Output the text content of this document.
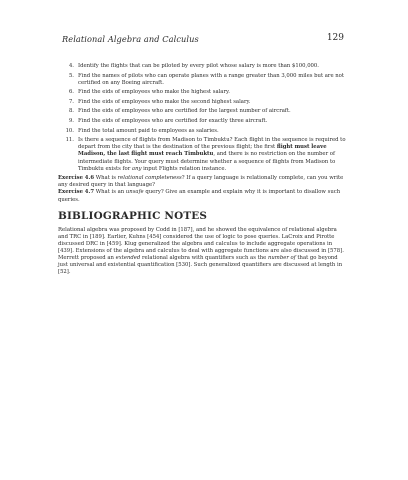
Relational Algebra and Calculus	129
4. Identify the flights that can be piloted by every pilot whose salary is more than $100,000.
5. Find the names of pilots who can operate planes with a range greater than 3,000 miles but are not certified on any Boeing aircraft.
6. Find the eids of employees who make the highest salary.
7. Find the eids of employees who make the second highest salary.
8. Find the eids of employees who are certified for the largest number of aircraft.
9. Find the eids of employees who are certified for exactly three aircraft.
10. Find the total amount paid to employees as salaries.
11. Is there a sequence of flights from Madison to Timbuktu? Each flight in the sequence is required to depart from the city that is the destination of the previous flight; the first flight must leave Madison, the last flight must reach Timbuktu, and there is no restriction on the number of intermediate flights. Your query must determine whether a sequence of flights from Madison to Timbuktu exists for any input Flights relation instance.

Exercise 4.6 What is relational completeness? If a query language is relationally complete, can you write any desired query in that language?

Exercise 4.7 What is an unsafe query? Give an example and explain why it is important to disallow such queries.

BIBLIOGRAPHIC NOTES

Relational algebra was proposed by Codd in [187], and he showed the equivalence of relational algebra and TRC in [189]. Earlier, Kuhns [454] considered the use of logic to pose queries. LaCroix and Pirotte discussed DRC in [459]. Klug generalized the algebra and calculus to include aggregate operations in [439]. Extensions of the algebra and calculus to deal with aggregate functions are also discussed in [578]. Merrett proposed an extended relational algebra with quantifiers such as the number of that go beyond just universal and existential quantification [530]. Such generalized quantifiers are discussed at length in [52].
